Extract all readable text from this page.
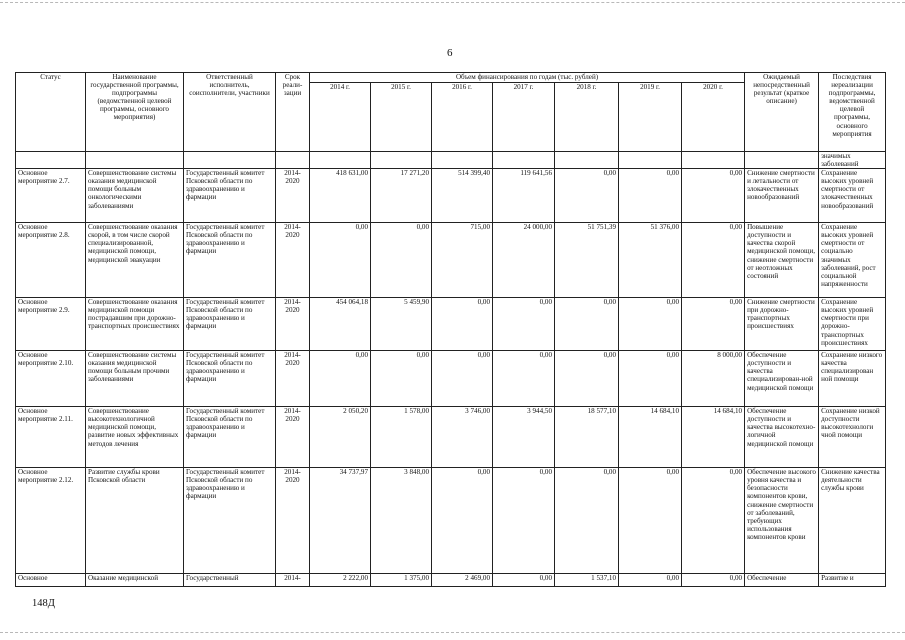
6
Статус	Наименование государственной программы, подпрограммы (ведомственной целевой программы, основного мероприятия)	Ответственный исполнитель, соисполнители, участники	Срок реали-зации	Объем финансирования по годам (тыс. рублей)							Ожидаемый непосредственный результат (краткое описание)	Последствия нереализации подпрограммы, ведомственной целевой программы, основного мероприятия
				2014 г.	2015 г.	2016 г.	2017 г.	2018 г.	2019 г.	2020 г.		
												значимых заболеваний
Основное мероприятие 2.7.	Совершенствование системы оказания медицинской помощи больным онкологическими заболеваниями	Государственный комитет Псковской области по здравоохранению и фармации	2014-2020	418 631,00	17 271,20	514 399,40	119 641,56	0,00	0,00	0,00	Снижение смертности и летальности от злокачественных новообразований	Сохранение высоких уровней смертности от злокачественных новообразований
Основное мероприятие 2.8.	Совершенствование оказания скорой, в том числе скорой специализированной, медицинской помощи, медицинской эвакуации	Государственный комитет Псковской области по здравоохранению и фармации	2014-2020	0,00	0,00	715,00	24 000,00	51 751,39	51 376,00	0,00	Повышение доступности и качества скорой медицинской помощи, снижение смертности от неотложных состояний	Сохранение высоких уровней смертности от социально значимых заболеваний, рост социальной напряженности
Основное мероприятие 2.9.	Совершенствование оказания медицинской помощи пострадавшим при дорожно-транспортных происшествиях	Государственный комитет Псковской области по здравоохранению и фармации	2014-2020	454 064,18	5 459,90	0,00	0,00	0,00	0,00	0,00	Снижение смертности при дорожно-транспортных происшествиях	Сохранение высоких уровней смертности при дорожно-транспортных происшествиях
Основное мероприятие 2.10.	Совершенствование системы оказания медицинской помощи больным прочими заболеваниями	Государственный комитет Псковской области по здравоохранению и фармации	2014-2020	0,00	0,00	0,00	0,00	0,00	0,00	8 000,00	Обеспечение доступности и качества специализирован-ной медицинской помощи	Сохранение низкого качества специализирован ной помощи
Основное мероприятие 2.11.	Совершенствование высокотехнологичной медицинской помощи, развитие новых эффективных методов лечения	Государственный комитет Псковской области по здравоохранению и фармации	2014-2020	2 050,20	1 578,00	3 746,00	3 944,50	18 577,10	14 684,10	14 684,10	Обеспечение доступности и качества высокотехно-логичной медицинской помощи	Сохранение низкой доступности высокотехнологи чной помощи
Основное мероприятие 2.12.	Развитие службы крови Псковской области	Государственный комитет Псковской области по здравоохранению и фармации	2014-2020	34 737,97	3 848,00	0,00	0,00	0,00	0,00	0,00	Обеспечение высокого уровня качества и безопасности компонентов крови, снижение смертности от заболеваний, требующих использования компонентов крови	Снижение качества деятельности службы крови
Основное	Оказание медицинской	Государственный	2014-	2 222,00	1 375,00	2 469,00	0,00	1 537,10	0,00	0,00	Обеспечение	Развитие и
148Д
